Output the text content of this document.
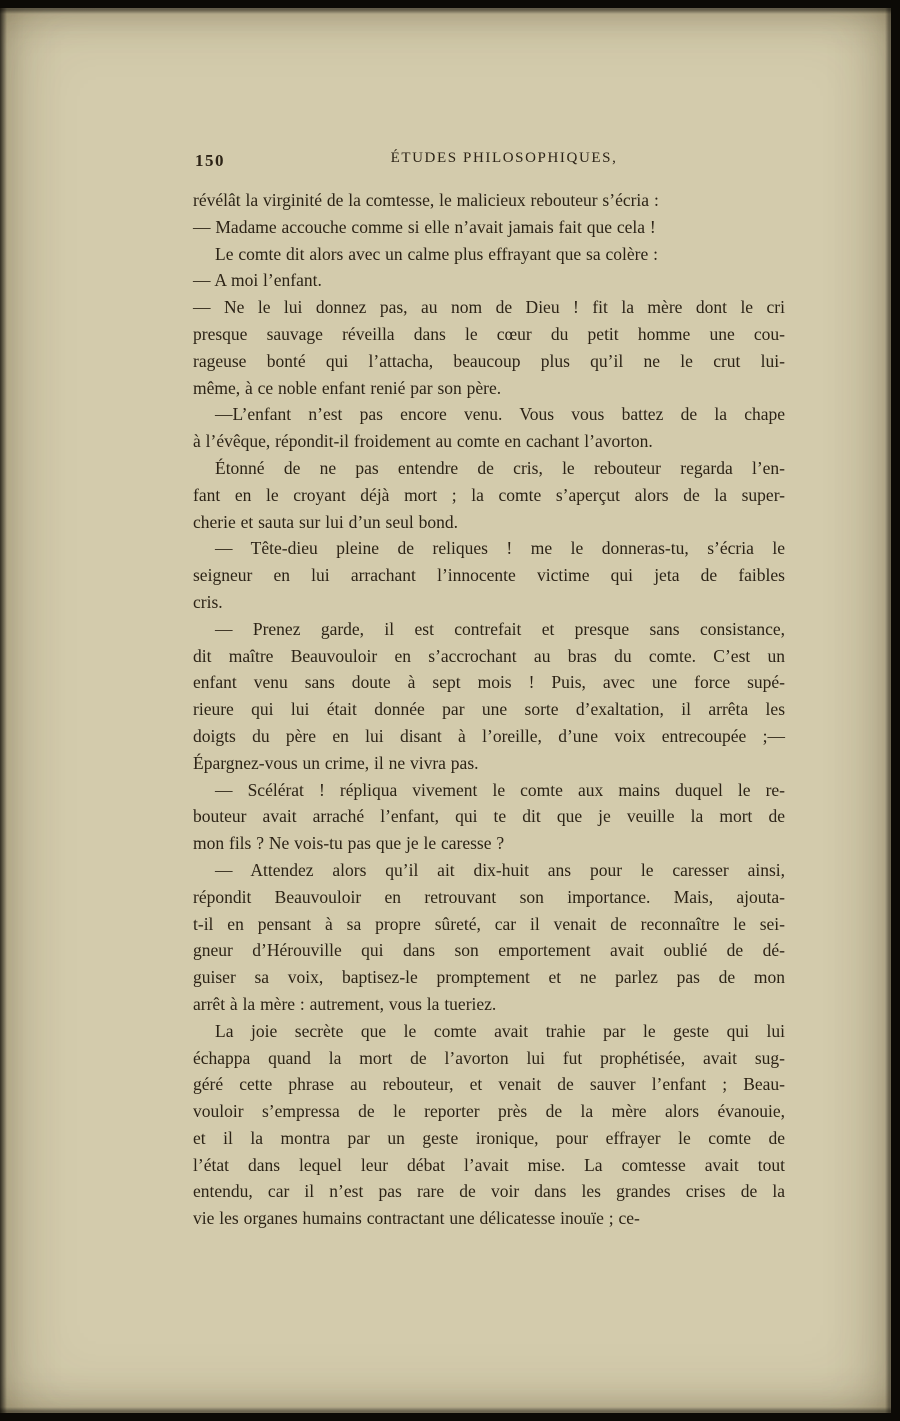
150	ÉTUDES PHILOSOPHIQUES,
révélât la virginité de la comtesse, le malicieux rebouteur s’écria :
— Madame accouche comme si elle n’avait jamais fait que cela !
Le comte dit alors avec un calme plus effrayant que sa colère :
— A moi l’enfant.
— Ne le lui donnez pas, au nom de Dieu ! fit la mère dont le cri
presque sauvage réveilla dans le cœur du petit homme une cou-
rageuse bonté qui l’attacha, beaucoup plus qu’il ne le crut lui-
même, à ce noble enfant renié par son père.
—L’enfant n’est pas encore venu. Vous vous battez de la chape
à l’évêque, répondit-il froidement au comte en cachant l’avorton.
Étonné de ne pas entendre de cris, le rebouteur regarda l’en-
fant en le croyant déjà mort ; la comte s’aperçut alors de la super-
cherie et sauta sur lui d’un seul bond.
— Tête-dieu pleine de reliques ! me le donneras-tu, s’écria le
seigneur en lui arrachant l’innocente victime qui jeta de faibles
cris.
— Prenez garde, il est contrefait et presque sans consistance,
dit maître Beauvouloir en s’accrochant au bras du comte. C’est un
enfant venu sans doute à sept mois ! Puis, avec une force supé-
rieure qui lui était donnée par une sorte d’exaltation, il arrêta les
doigts du père en lui disant à l’oreille, d’une voix entrecoupée ;—
Épargnez-vous un crime, il ne vivra pas.
— Scélérat ! répliqua vivement le comte aux mains duquel le re-
bouteur avait arraché l’enfant, qui te dit que je veuille la mort de
mon fils ? Ne vois-tu pas que je le caresse ?
— Attendez alors qu’il ait dix-huit ans pour le caresser ainsi,
répondit Beauvouloir en retrouvant son importance. Mais, ajouta-
t-il en pensant à sa propre sûreté, car il venait de reconnaître le sei-
gneur d’Hérouville qui dans son emportement avait oublié de dé-
guiser sa voix, baptisez-le promptement et ne parlez pas de mon
arrêt à la mère : autrement, vous la tueriez.
La joie secrète que le comte avait trahie par le geste qui lui
échappa quand la mort de l’avorton lui fut prophétisée, avait sug-
géré cette phrase au rebouteur, et venait de sauver l’enfant ; Beau-
vouloir s’empressa de le reporter près de la mère alors évanouie,
et il la montra par un geste ironique, pour effrayer le comte de
l’état dans lequel leur débat l’avait mise. La comtesse avait tout
entendu, car il n’est pas rare de voir dans les grandes crises de la
vie les organes humains contractant une délicatesse inouïe ; ce-
